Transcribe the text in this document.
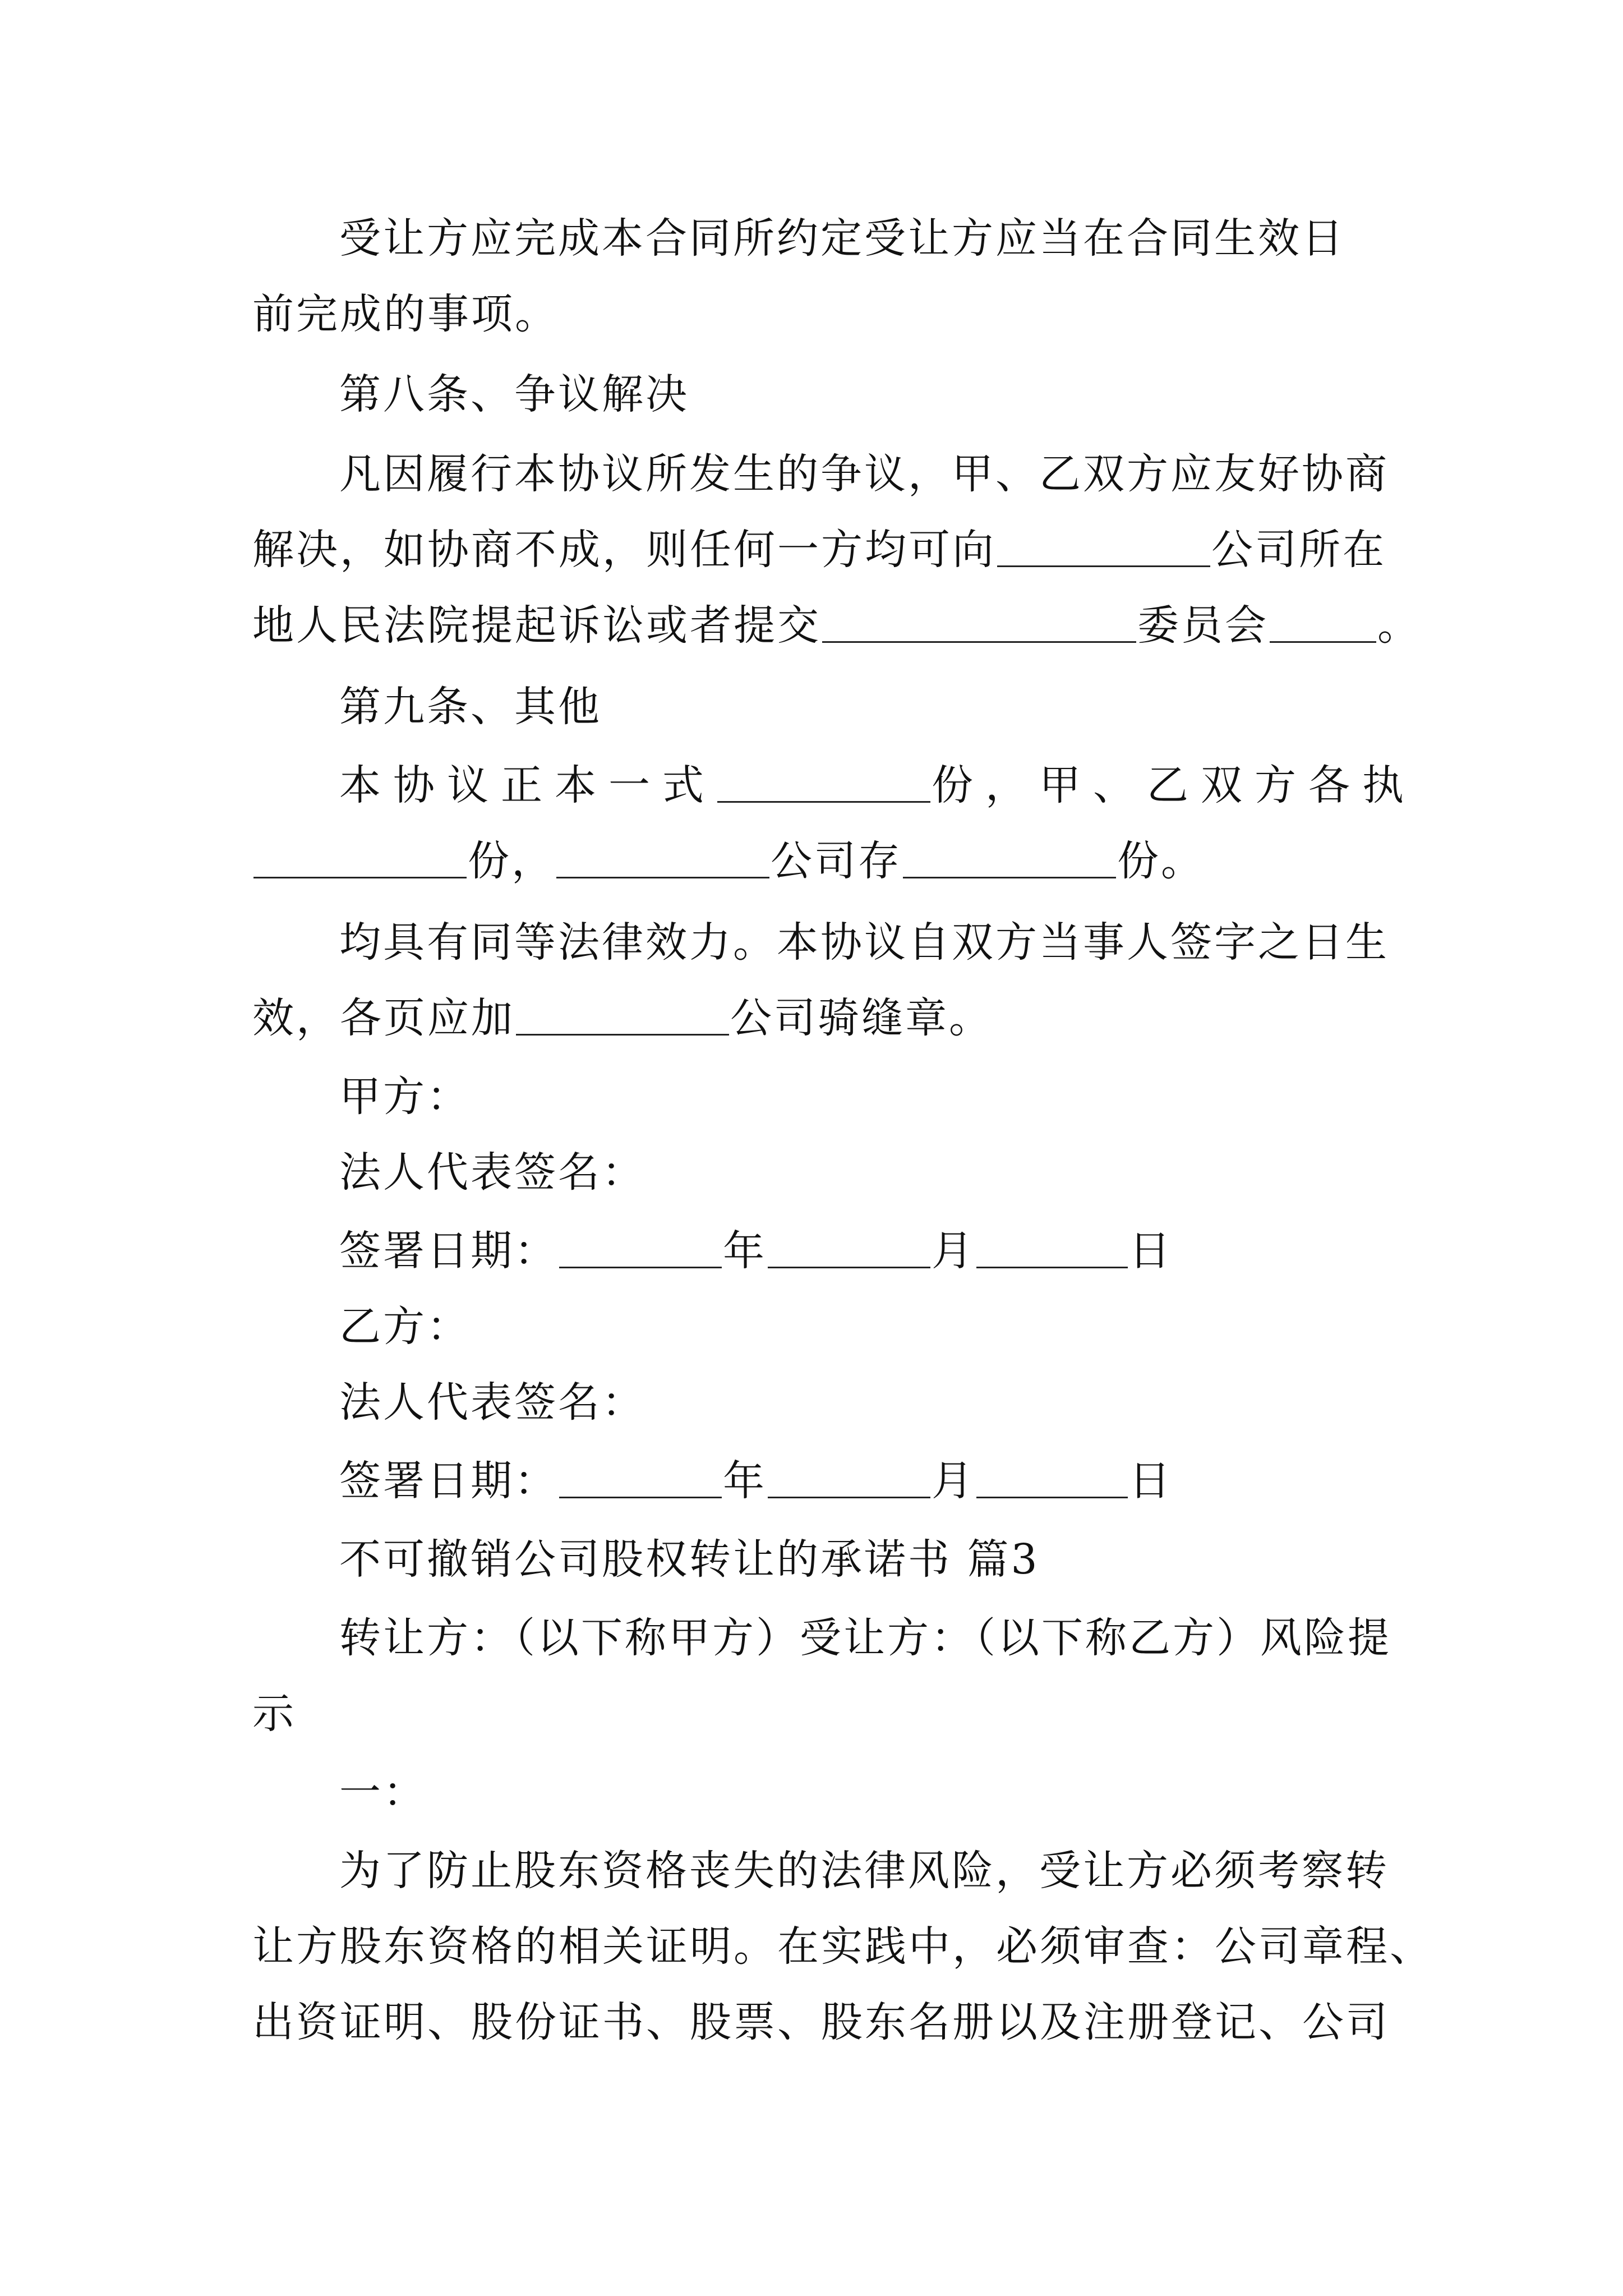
受让方应完成本合同所约定受让方应当在合同生效日

前完成的事项。

第八条、争议解决

凡因履行本协议所发生的争议，甲、乙双方应友好协商

解决，如协商不成，则任何一方均可向	公司所在

地人民法院提起诉讼或者提交	委员会	。

第九条、其他

本协议正本一式	份，甲、乙双方各执

份，	公司存	份。

均具有同等法律效力。本协议自双方当事人签字之日生

效，各页应加	公司骑缝章。

甲方：

法人代表签名：

签署日期：	年	月	日

乙方：

法人代表签名：

签署日期：	年	月	日

不可撤销公司股权转让的承诺书 篇3

转让方：（以下称甲方）受让方：（以下称乙方）风险提

示

一：

为了防止股东资格丧失的法律风险，受让方必须考察转

让方股东资格的相关证明。在实践中，必须审查：公司章程、

出资证明、股份证书、股票、股东名册以及注册登记、公司
